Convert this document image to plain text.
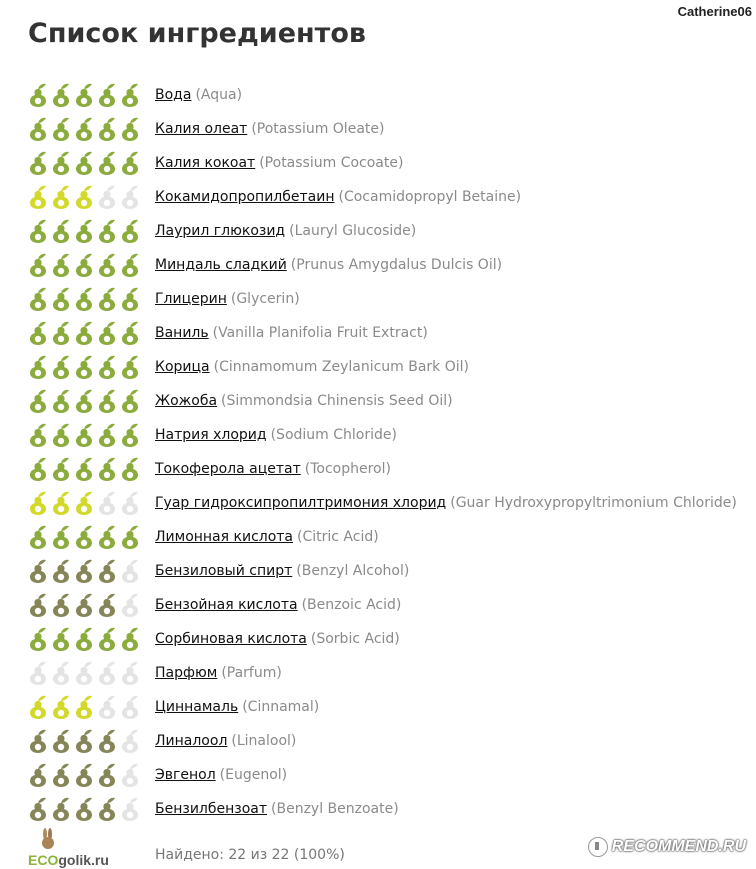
Catherine06
Список ингредиентов
Вода (Aqua)
Калия олеат (Potassium Oleate)
Калия кокоат (Potassium Cocoate)
Кокамидопропилбетаин (Cocamidopropyl Betaine)
Лаурил глюкозид (Lauryl Glucoside)
Миндаль сладкий (Prunus Amygdalus Dulcis Oil)
Глицерин (Glycerin)
Ваниль (Vanilla Planifolia Fruit Extract)
Корица (Cinnamomum Zeylanicum Bark Oil)
Жожоба (Simmondsia Chinensis Seed Oil)
Натрия хлорид (Sodium Chloride)
Токоферола ацетат (Tocopherol)
Гуар гидроксипропилтримония хлорид (Guar Hydroxypropyltrimonium Chloride)
Лимонная кислота (Citric Acid)
Бензиловый спирт (Benzyl Alcohol)
Бензойная кислота (Benzoic Acid)
Сорбиновая кислота (Sorbic Acid)
Парфюм (Parfum)
Циннамаль (Cinnamal)
Линалоол (Linalool)
Эвгенол (Eugenol)
Бензилбензоат (Benzyl Benzoate)
ECOgolik.ru	Найдено: 22 из 22 (100%)	RECOMMEND.RU
